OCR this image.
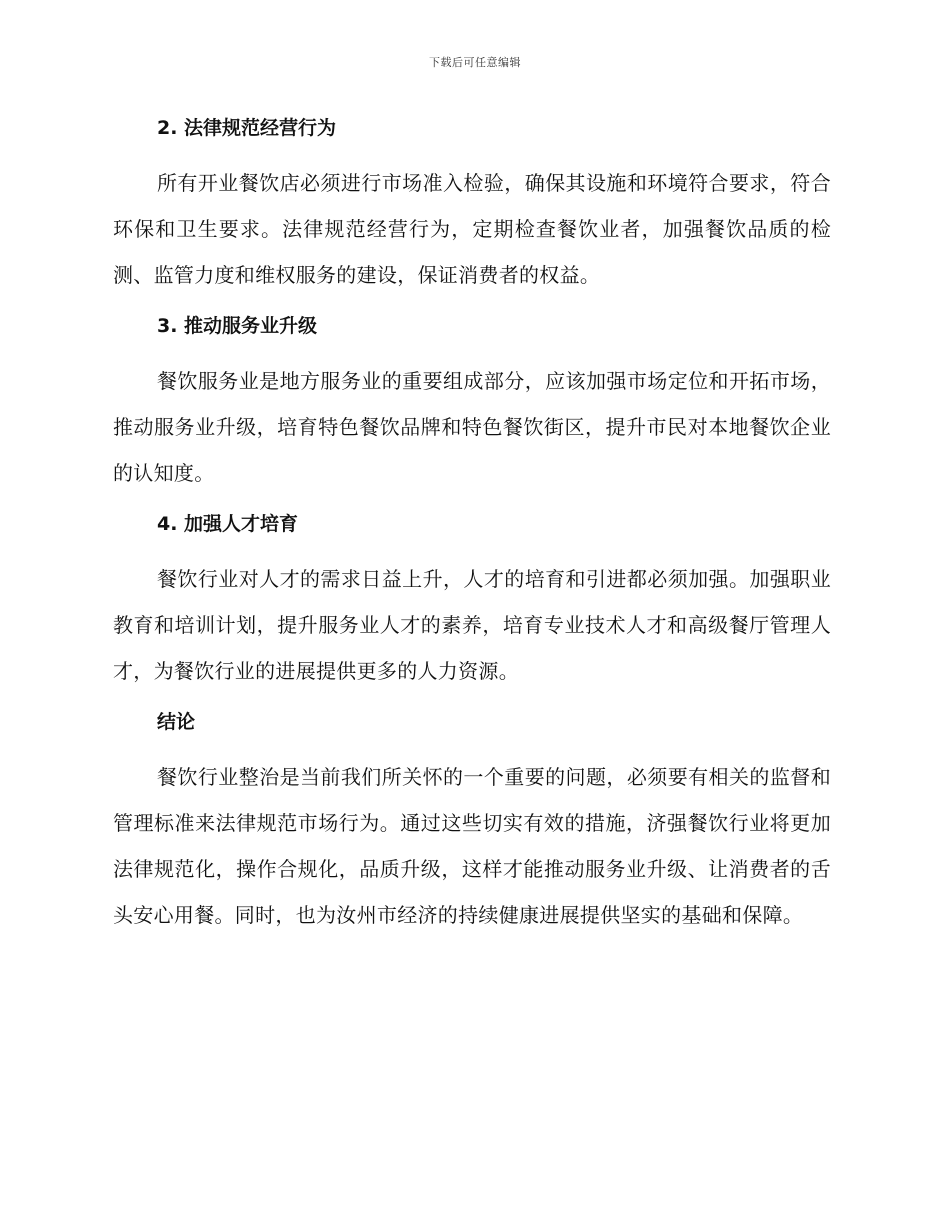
下载后可任意编辑
2. 法律规范经营行为

所有开业餐饮店必须进行市场准入检验，确保其设施和环境符合要求，符合环保和卫生要求。法律规范经营行为，定期检查餐饮业者，加强餐饮品质的检测、监管力度和维权服务的建设，保证消费者的权益。

3. 推动服务业升级

餐饮服务业是地方服务业的重要组成部分，应该加强市场定位和开拓市场，推动服务业升级，培育特色餐饮品牌和特色餐饮街区，提升市民对本地餐饮企业的认知度。

4. 加强人才培育

餐饮行业对人才的需求日益上升，人才的培育和引进都必须加强。加强职业教育和培训计划，提升服务业人才的素养，培育专业技术人才和高级餐厅管理人才，为餐饮行业的进展提供更多的人力资源。

结论

餐饮行业整治是当前我们所关怀的一个重要的问题，必须要有相关的监督和管理标准来法律规范市场行为。通过这些切实有效的措施，济强餐饮行业将更加法律规范化，操作合规化，品质升级，这样才能推动服务业升级、让消费者的舌头安心用餐。同时，也为汝州市经济的持续健康进展提供坚实的基础和保障。
